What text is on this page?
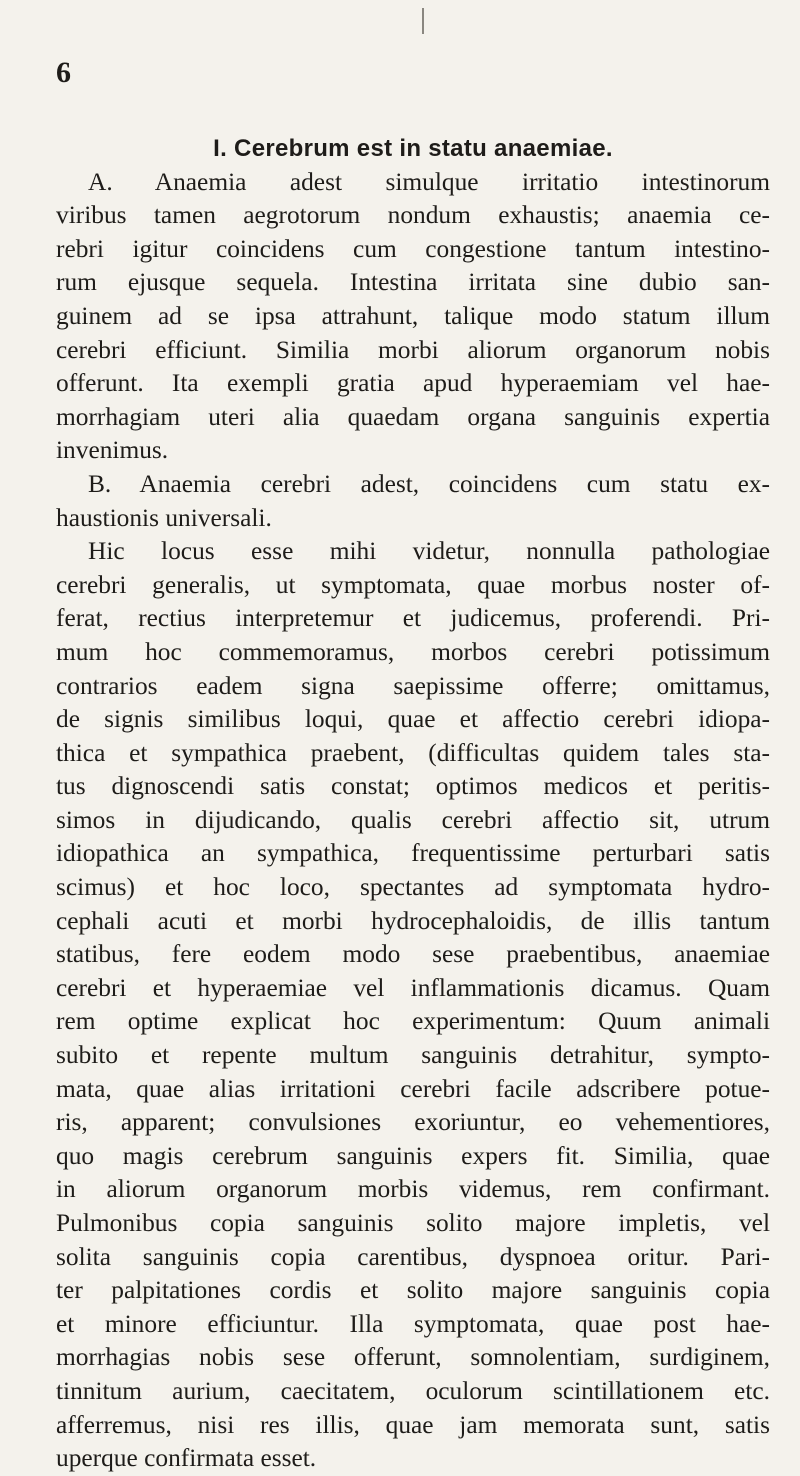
6
I. Cerebrum est in statu anaemiae.
A. Anaemia adest simulque irritatio intestinorum
viribus tamen aegrotorum nondum exhaustis; anaemia ce-
rebri igitur coincidens cum congestione tantum intestino-
rum ejusque sequela. Intestina irritata sine dubio san-
guinem ad se ipsa attrahunt, talique modo statum illum
cerebri efficiunt. Similia morbi aliorum organorum nobis
offerunt. Ita exempli gratia apud hyperaemiam vel hae-
morrhagiam uteri alia quaedam organa sanguinis expertia
invenimus.
B. Anaemia cerebri adest, coincidens cum statu ex-
haustionis universali.
Hic locus esse mihi videtur, nonnulla pathologiae
cerebri generalis, ut symptomata, quae morbus noster of-
ferat, rectius interpretemur et judicemus, proferendi. Pri-
mum hoc commemoramus, morbos cerebri potissimum
contrarios eadem signa saepissime offerre; omittamus,
de signis similibus loqui, quae et affectio cerebri idiopa-
thica et sympathica praebent, (difficultas quidem tales sta-
tus dignoscendi satis constat; optimos medicos et peritis-
simos in dijudicando, qualis cerebri affectio sit, utrum
idiopathica an sympathica, frequentissime perturbari satis
scimus) et hoc loco, spectantes ad symptomata hydro-
cephali acuti et morbi hydrocephaloidis, de illis tantum
statibus, fere eodem modo sese praebentibus, anaemiae
cerebri et hyperaemiae vel inflammationis dicamus. Quam
rem optime explicat hoc experimentum: Quum animali
subito et repente multum sanguinis detrahitur, sympto-
mata, quae alias irritationi cerebri facile adscribere potue-
ris, apparent; convulsiones exoriuntur, eo vehementiores,
quo magis cerebrum sanguinis expers fit. Similia, quae
in aliorum organorum morbis videmus, rem confirmant.
Pulmonibus copia sanguinis solito majore impletis, vel
solita sanguinis copia carentibus, dyspnoea oritur. Pari-
ter palpitationes cordis et solito majore sanguinis copia
et minore efficiuntur. Illa symptomata, quae post hae-
morrhagias nobis sese offerunt, somnolentiam, surdiginem,
tinnitum aurium, caecitatem, oculorum scintillationem etc.
afferremus, nisi res illis, quae jam memorata sunt, satis
uperque confirmata esset.
